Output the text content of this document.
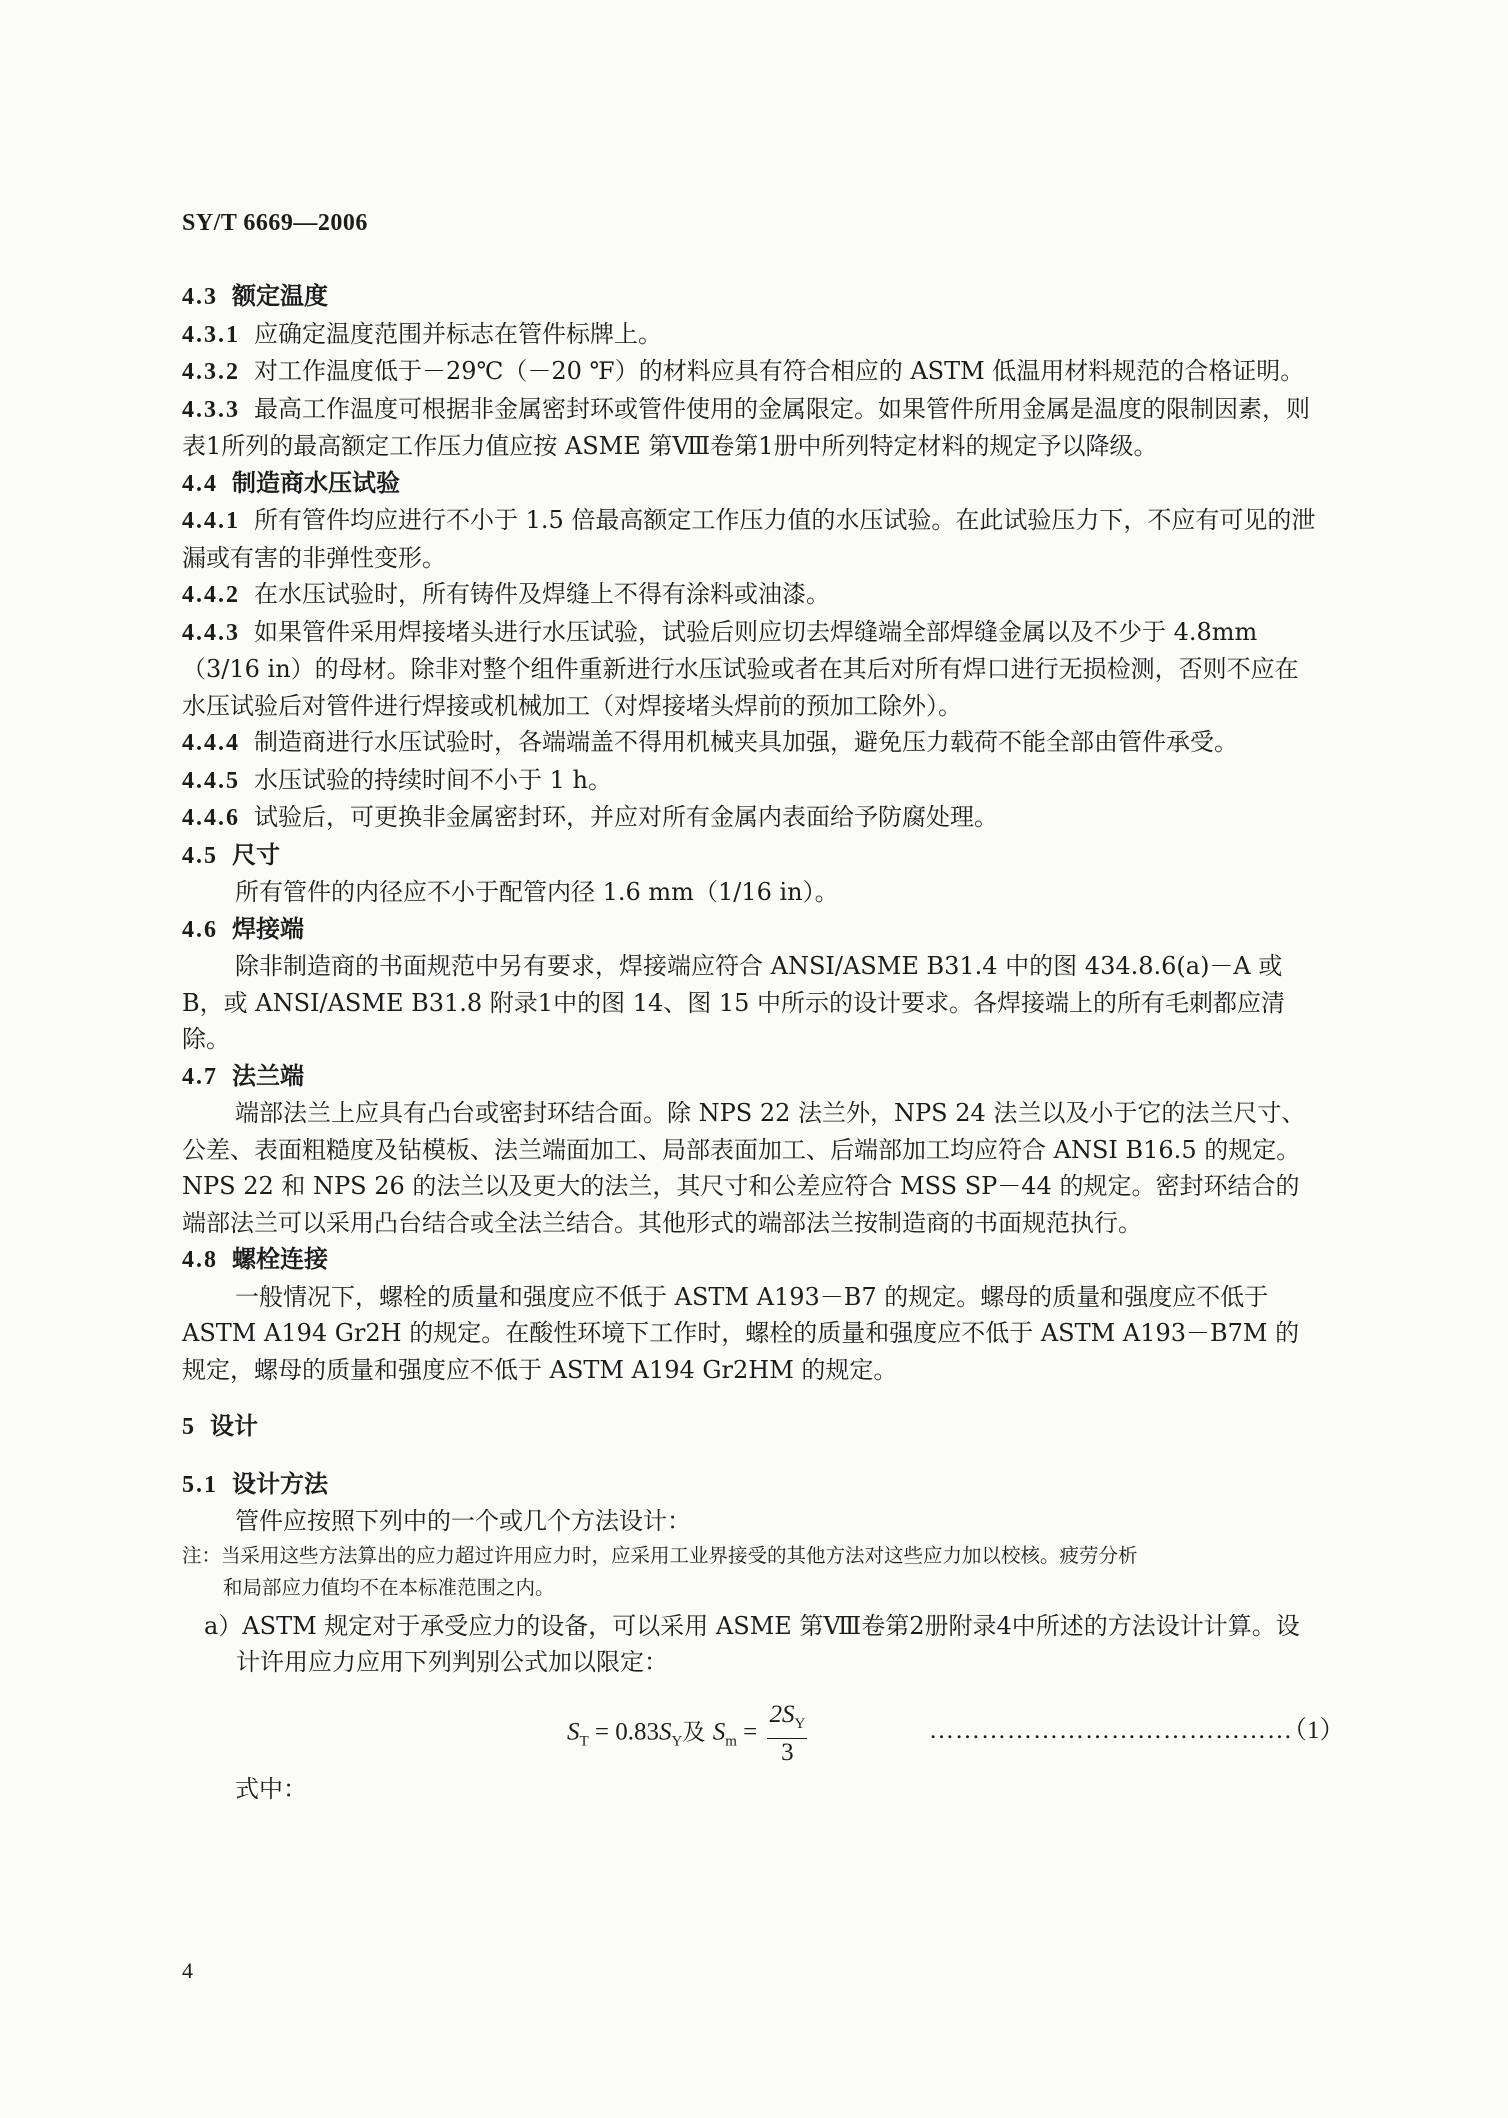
SY/T 6669—2006

4.3 额定温度

4.3.1 应确定温度范围并标志在管件标牌上。

4.3.2 对工作温度低于－29℃（－20 ℉）的材料应具有符合相应的 ASTM 低温用材料规范的合格证明。

4.3.3 最高工作温度可根据非金属密封环或管件使用的金属限定。如果管件所用金属是温度的限制因素，则表1所列的最高额定工作压力值应按 ASME 第Ⅷ卷第1册中所列特定材料的规定予以降级。

4.4 制造商水压试验

4.4.1 所有管件均应进行不小于 1.5 倍最高额定工作压力值的水压试验。在此试验压力下，不应有可见的泄漏或有害的非弹性变形。

4.4.2 在水压试验时，所有铸件及焊缝上不得有涂料或油漆。

4.4.3 如果管件采用焊接堵头进行水压试验，试验后则应切去焊缝端全部焊缝金属以及不少于 4.8mm（3/16 in）的母材。除非对整个组件重新进行水压试验或者在其后对所有焊口进行无损检测，否则不应在水压试验后对管件进行焊接或机械加工（对焊接堵头焊前的预加工除外）。

4.4.4 制造商进行水压试验时，各端端盖不得用机械夹具加强，避免压力载荷不能全部由管件承受。

4.4.5 水压试验的持续时间不小于 1 h。

4.4.6 试验后，可更换非金属密封环，并应对所有金属内表面给予防腐处理。

4.5 尺寸

所有管件的内径应不小于配管内径 1.6 mm（1/16 in）。

4.6 焊接端

除非制造商的书面规范中另有要求，焊接端应符合 ANSI/ASME B31.4 中的图 434.8.6(a)－A 或 B，或 ANSI/ASME B31.8 附录1中的图 14、图 15 中所示的设计要求。各焊接端上的所有毛刺都应清除。

4.7 法兰端

端部法兰上应具有凸台或密封环结合面。除 NPS 22 法兰外，NPS 24 法兰以及小于它的法兰尺寸、公差、表面粗糙度及钻模板、法兰端面加工、局部表面加工、后端部加工均应符合 ANSI B16.5 的规定。NPS 22 和 NPS 26 的法兰以及更大的法兰，其尺寸和公差应符合 MSS SP－44 的规定。密封环结合的端部法兰可以采用凸台结合或全法兰结合。其他形式的端部法兰按制造商的书面规范执行。

4.8 螺栓连接

一般情况下，螺栓的质量和强度应不低于 ASTM A193－B7 的规定。螺母的质量和强度应不低于 ASTM A194 Gr2H 的规定。在酸性环境下工作时，螺栓的质量和强度应不低于 ASTM A193－B7M 的规定，螺母的质量和强度应不低于 ASTM A194 Gr2HM 的规定。

5 设计

5.1 设计方法

管件应按照下列中的一个或几个方法设计：

注：当采用这些方法算出的应力超过许用应力时，应采用工业界接受的其他方法对这些应力加以校核。疲劳分析

和局部应力值均不在本标准范围之内。

a）ASTM 规定对于承受应力的设备，可以采用 ASME 第Ⅷ卷第2册附录4中所述的方法设计计算。设计许用应力应用下列判别公式加以限定：

$S_T = 0.83S_Y$及 $S_m = \frac{2S_Y}{3}$	……………………………………
（1）

式中：

4
